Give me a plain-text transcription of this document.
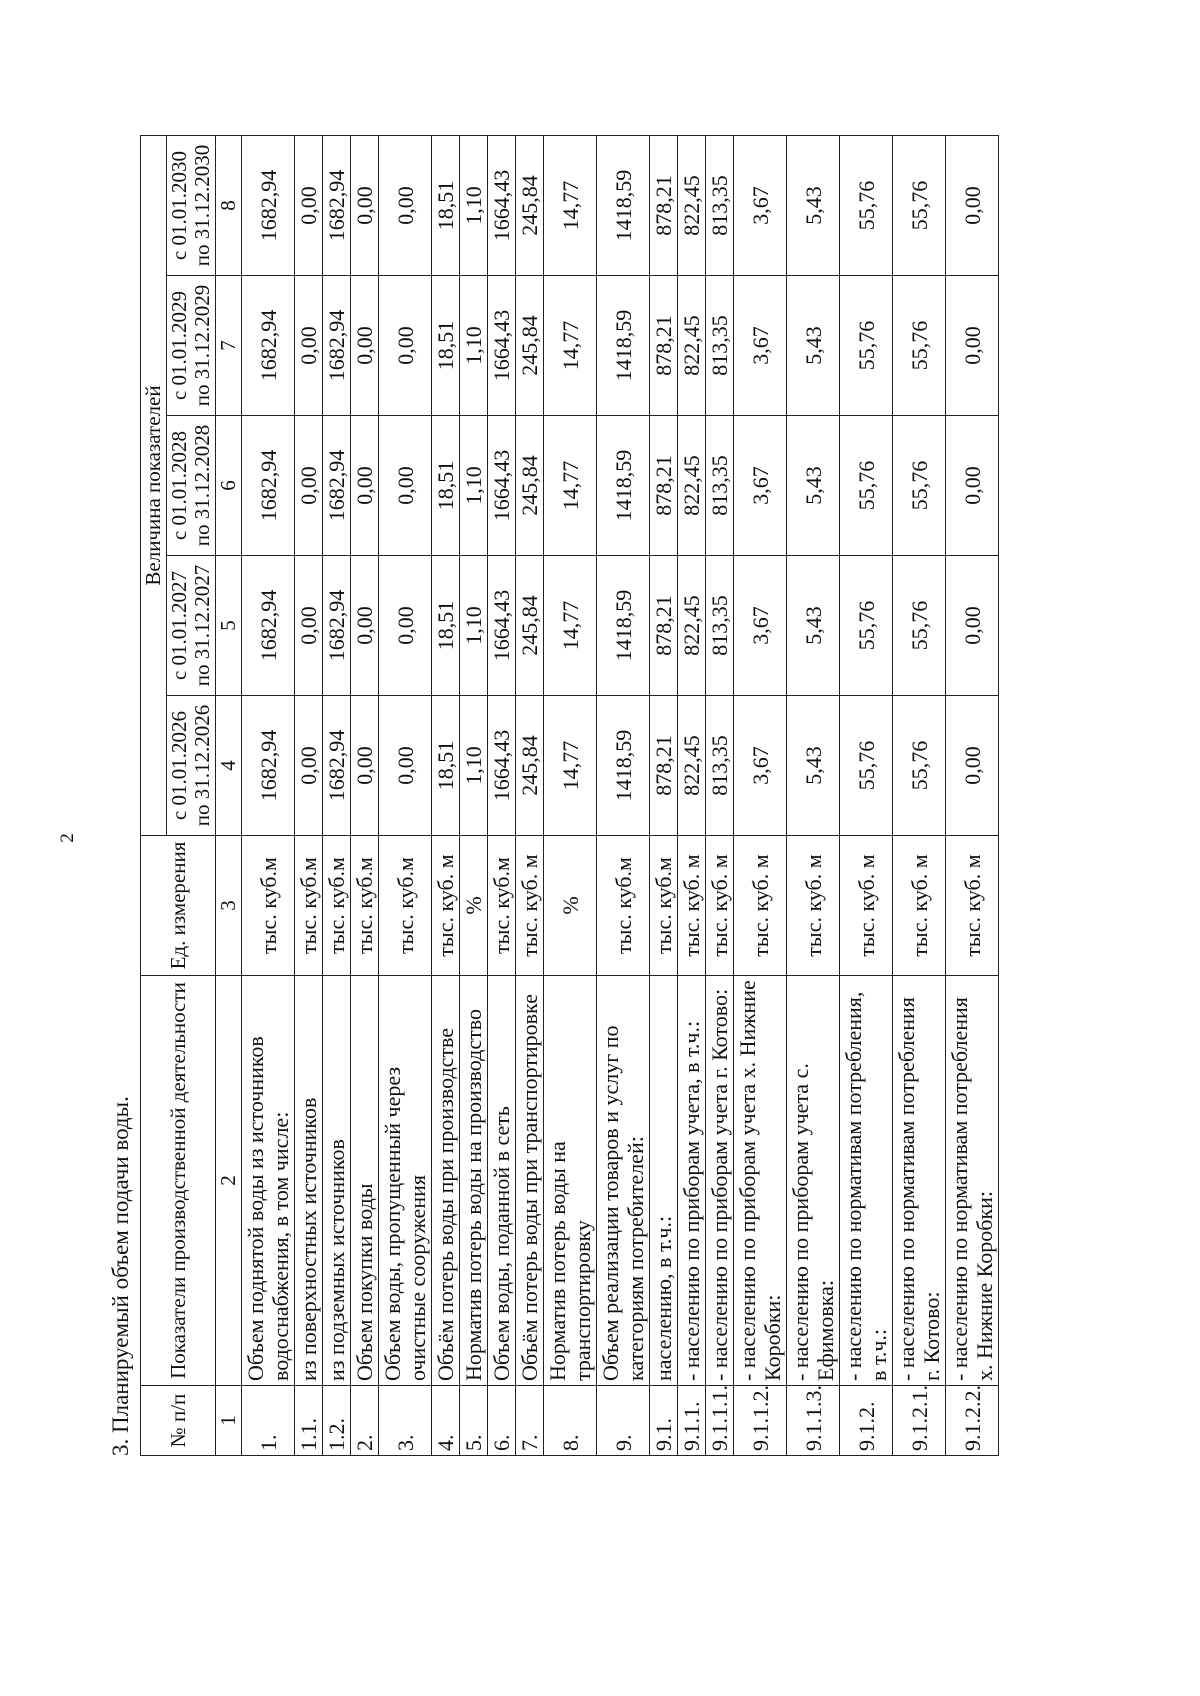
2
3. Планируемый объем подачи воды. № п/п	Показатели производственной деятельности	Ед. измерения	Величина показателей				
			с 01.01.2026 по 31.12.2026	с 01.01.2027 по 31.12.2027	с 01.01.2028 по 31.12.2028	с 01.01.2029 по 31.12.2029	с 01.01.2030 по 31.12.2030
1	2	3	4	5	6	7	8
1.	Объем поднятой воды из источников водоснабжения, в том числе:	тыс. куб.м	1682,94	1682,94	1682,94	1682,94	1682,94
1.1.	из поверхностных источников	тыс. куб.м	0,00	0,00	0,00	0,00	0,00
1.2.	из подземных источников	тыс. куб.м	1682,94	1682,94	1682,94	1682,94	1682,94
2.	Объем покупки воды	тыс. куб.м	0,00	0,00	0,00	0,00	0,00
3.	Объем воды, пропущенный через очистные сооружения	тыс. куб.м	0,00	0,00	0,00	0,00	0,00
4.	Объём потерь воды при производстве	тыс. куб. м	18,51	18,51	18,51	18,51	18,51
5.	Норматив потерь воды на производство	%	1,10	1,10	1,10	1,10	1,10
6.	Объем воды, поданной в сеть	тыс. куб.м	1664,43	1664,43	1664,43	1664,43	1664,43
7.	Объём потерь воды при транспортировке	тыс. куб. м	245,84	245,84	245,84	245,84	245,84
8.	Норматив потерь воды на транспортировку	%	14,77	14,77	14,77	14,77	14,77
9.	Объем реализации товаров и услуг по категориям потребителей:	тыс. куб.м	1418,59	1418,59	1418,59	1418,59	1418,59
9.1.	населению, в т.ч.:	тыс. куб.м	878,21	878,21	878,21	878,21	878,21
9.1.1.	- населению по приборам учета, в т.ч.:	тыс. куб. м	822,45	822,45	822,45	822,45	822,45
9.1.1.1.	- населению по приборам учета г. Котово:	тыс. куб. м	813,35	813,35	813,35	813,35	813,35
9.1.1.2.	- населению по приборам учета х. Нижние Коробки:	тыс. куб. м	3,67	3,67	3,67	3,67	3,67
9.1.1.3.	- населению по приборам учета с. Ефимовка:	тыс. куб. м	5,43	5,43	5,43	5,43	5,43
9.1.2.	- населению по нормативам потребления, в т.ч.:	тыс. куб. м	55,76	55,76	55,76	55,76	55,76
9.1.2.1.	- населению по нормативам потребления г. Котово:	тыс. куб. м	55,76	55,76	55,76	55,76	55,76
9.1.2.2.	- населению по нормативам потребления х. Нижние Коробки:	тыс. куб. м	0,00	0,00	0,00	0,00	0,00
